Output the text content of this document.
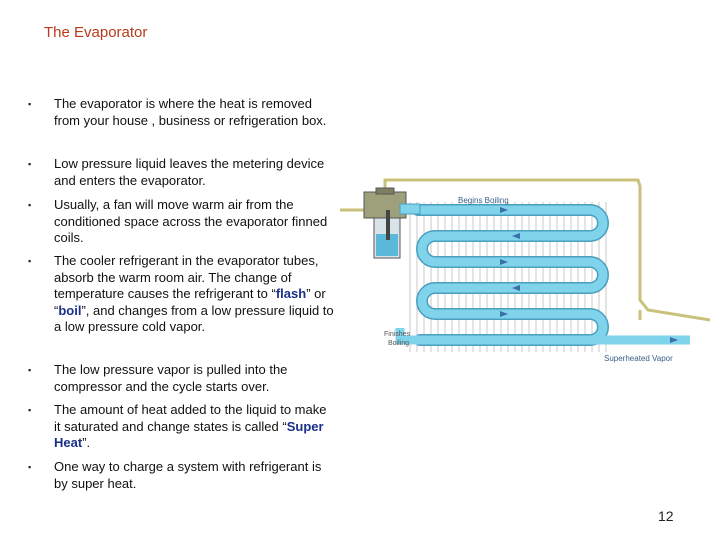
The Evaporator
▪	The evaporator is where the heat is removed from your house , business or refrigeration box.
▪	Low pressure liquid leaves the metering device and enters the evaporator.
▪	Usually, a fan will move warm air from the conditioned space across the evaporator finned coils.
▪	The cooler refrigerant in the evaporator tubes, absorb the warm room air. The change of temperature causes the refrigerant to “flash” or “boil”, and changes from a low pressure liquid to a low pressure cold vapor.
▪	The low pressure vapor is pulled into the compressor and the cycle starts over.
▪	The amount of heat added to the liquid to make it saturated and change states is called “Super Heat”.
▪	One way to charge a system with refrigerant is by super heat.
Begins Boiling
Finishes
Boiling
Superheated Vapor
12
